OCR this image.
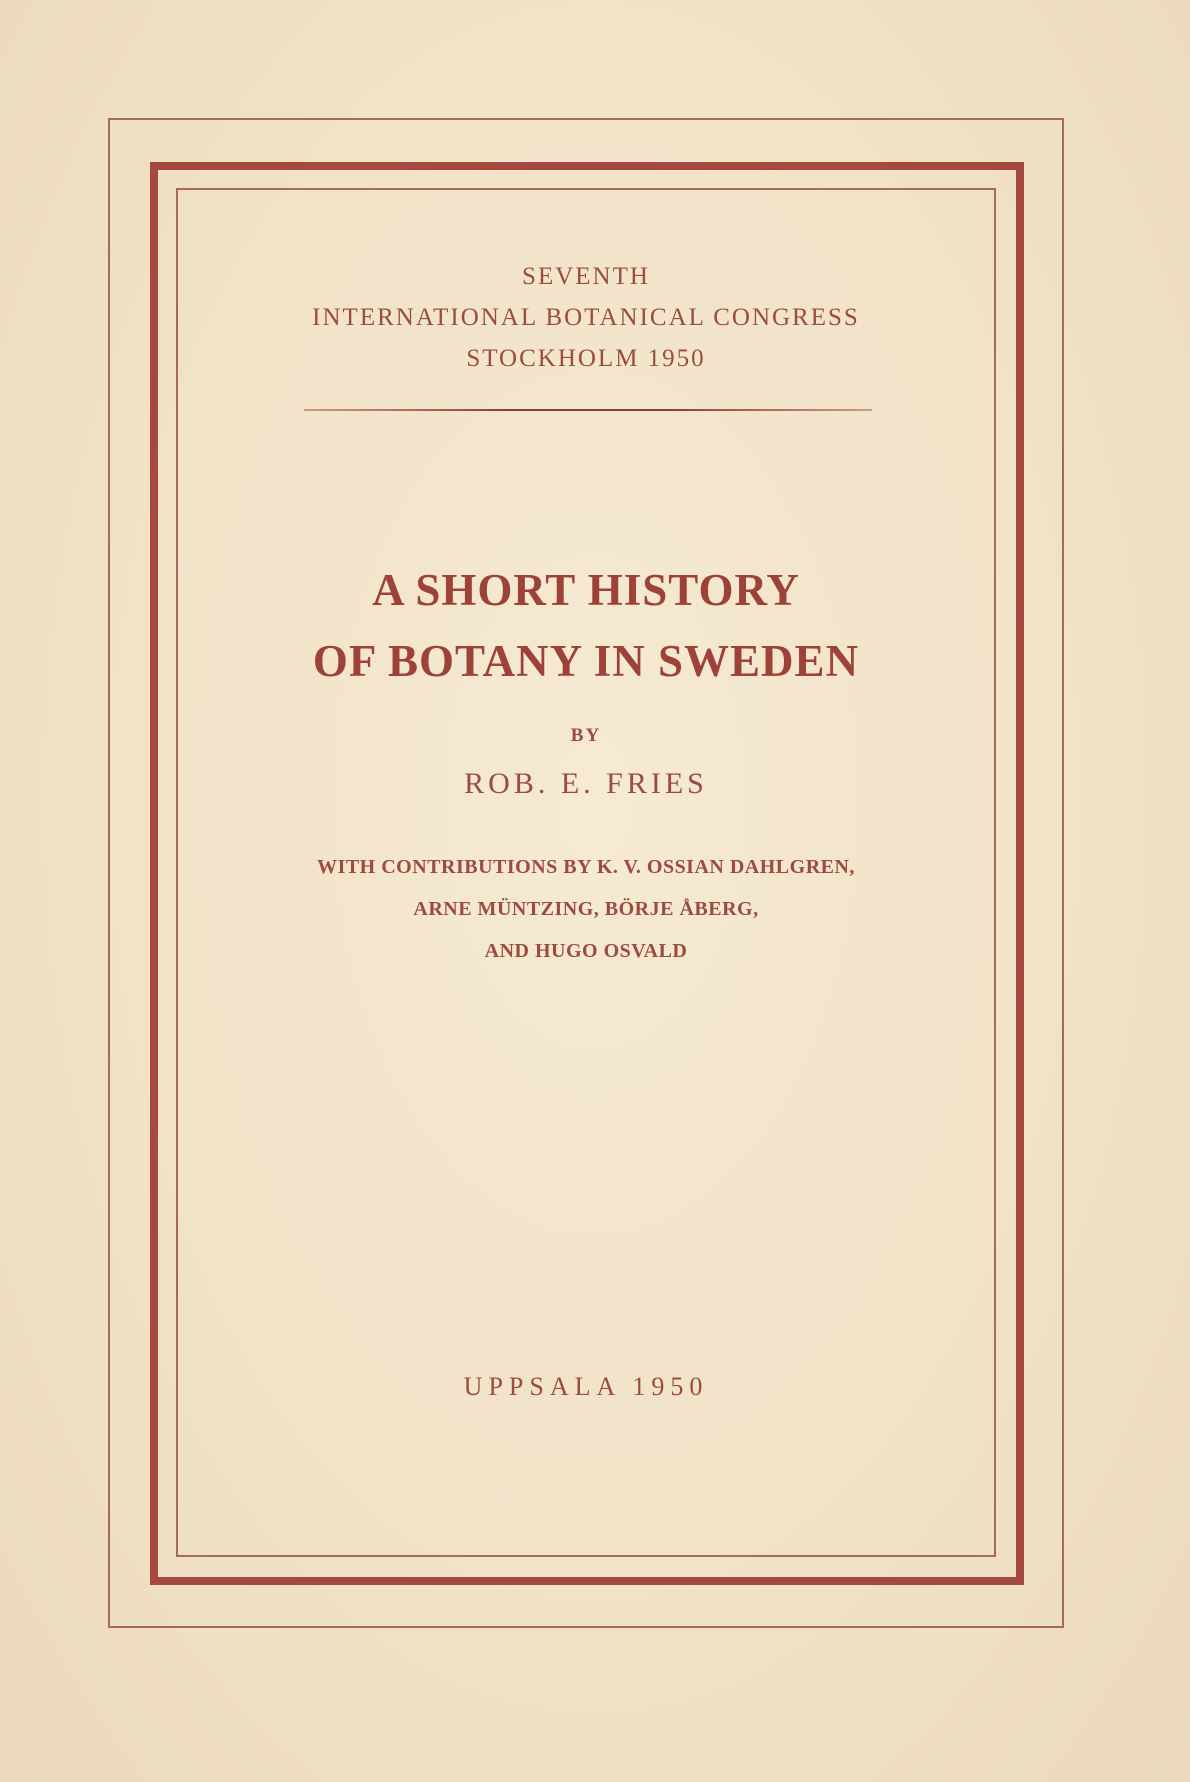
SEVENTH
INTERNATIONAL BOTANICAL CONGRESS
STOCKHOLM 1950
A SHORT HISTORY
OF BOTANY IN SWEDEN
BY
ROB. E. FRIES
WITH CONTRIBUTIONS BY K. V. OSSIAN DAHLGREN,
ARNE MÜNTZING, BÖRJE ÅBERG,
AND HUGO OSVALD
UPPSALA 1950
